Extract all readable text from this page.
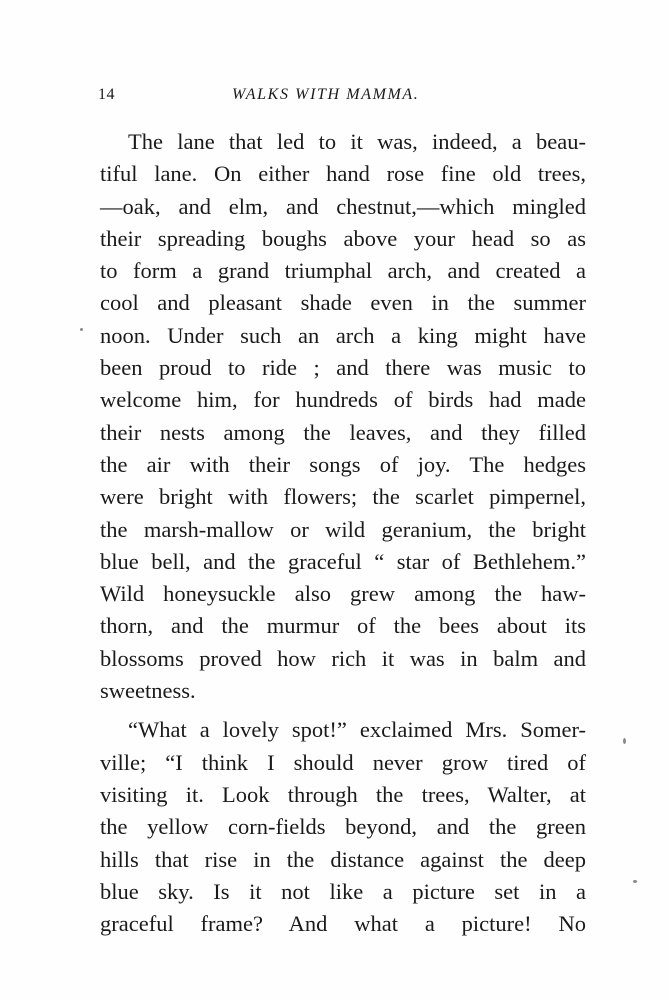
14	WALKS WITH MAMMA.
The lane that led to it was, indeed, a beau-
tiful lane. On either hand rose fine old trees,
—oak, and elm, and chestnut,—which mingled
their spreading boughs above your head so as
to form a grand triumphal arch, and created a
cool and pleasant shade even in the summer
noon. Under such an arch a king might have
been proud to ride ; and there was music to
welcome him, for hundreds of birds had made
their nests among the leaves, and they filled
the air with their songs of joy. The hedges
were bright with flowers; the scarlet pimpernel,
the marsh-mallow or wild geranium, the bright
blue bell, and the graceful “ star of Bethlehem.”
Wild honeysuckle also grew among the haw-
thorn, and the murmur of the bees about its
blossoms proved how rich it was in balm and
sweetness.
“What a lovely spot!” exclaimed Mrs. Somer-
ville; “I think I should never grow tired of
visiting it. Look through the trees, Walter, at
the yellow corn-fields beyond, and the green
hills that rise in the distance against the deep
blue sky. Is it not like a picture set in a
graceful frame? And what a picture! No
